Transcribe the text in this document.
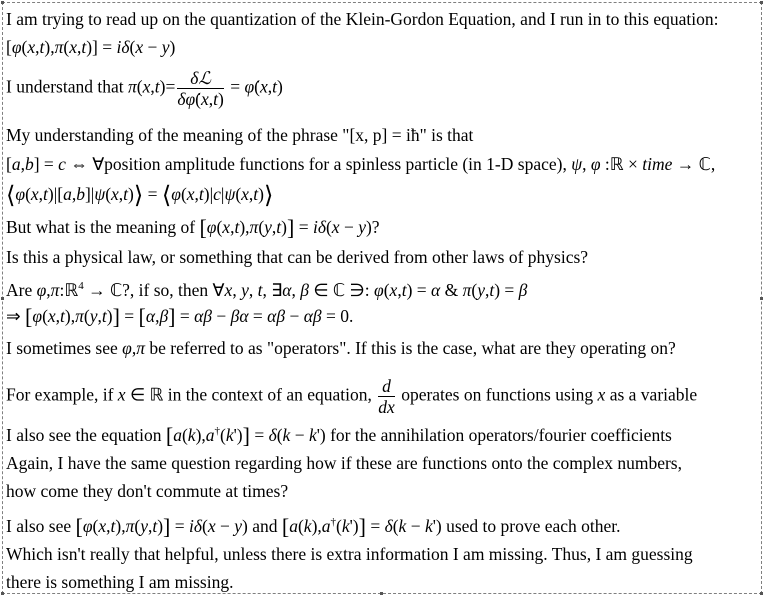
I am trying to read up on the quantization of the Klein-Gordon Equation, and I run in to this equation:
[φ(x,t),π(x,t)] = iδ(x − y)
I understand that $\pi(x,t)= \frac{\text{δℒ}}{\delta\varphi̇(x,t)}$ = φ̇(x,t)
My understanding of the meaning of the phrase "[x, p] = iħ" is that
[a,b] = c ⇔ ∀position amplitude functions for a spinless particle (in 1-D space), ψ, φ :ℝ × time → ℂ,
⟨φ(x,t)|[a,b]|ψ(x,t)⟩ = ⟨φ(x,t)|c|ψ(x,t)⟩
But what is the meaning of [φ(x,t),π(y,t)] = iδ(x − y)?
Is this a physical law, or something that can be derived from other laws of physics?
Are φ,π:ℝ$^4$ → ℂ?, if so, then ∀x, y, t, ∃α, β ∈ ℂ ∋: φ(x,t) = α & π(y,t) = β
⇒ [φ(x,t),π(y,t)] = [α,β] = αβ − βα = αβ − αβ = 0.
I sometimes see φ,π be referred to as "operators". If this is the case, what are they operating on?
For example, if x ∈ ℝ in the context of an equation, $\frac{d}{dx}$ operates on functions using x as a variable
I also see the equation [a(k),a†(k')] = δ(k − k') for the annihilation operators/fourier coefficients
Again, I have the same question regarding how if these are functions onto the complex numbers,
how come they don't commute at times?
I also see [φ(x,t),π(y,t)] = iδ(x − y) and [a(k),a†(k')] = δ(k − k') used to prove each other.
Which isn't really that helpful, unless there is extra information I am missing. Thus, I am guessing
there is something I am missing.
